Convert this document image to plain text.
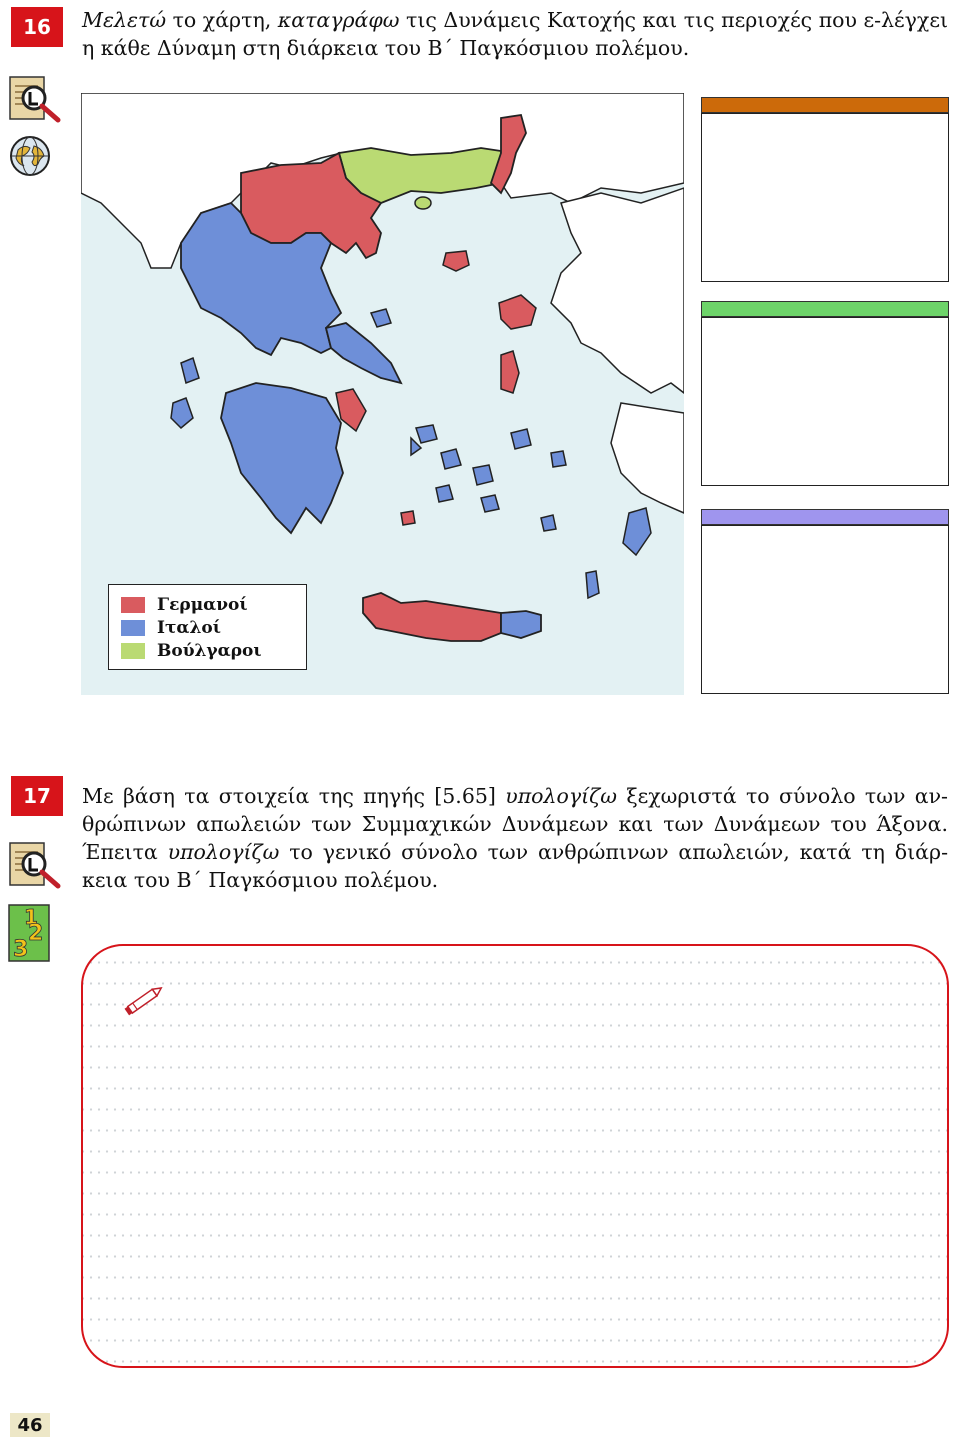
16	Μελετώ το χάρτη, καταγράφω τις Δυνάμεις Κατοχής και τις περιοχές που ε-λέγχει η κάθε Δύναμη στη διάρκεια του Β΄ Παγκόσμιου πολέμου.
Γερμανοί
Ιταλοί
Βούλγαροι
17
1
2
3
Με βάση τα στοιχεία της πηγής [5.65] υπολογίζω ξεχωριστά το σύνολο των αν-θρώπινων απωλειών των Συμμαχικών Δυνάμεων και των Δυνάμεων του Άξονα. Έπειτα υπολογίζω το γενικό σύνολο των ανθρώπινων απωλειών, κατά τη διάρ-κεια του Β΄ Παγκόσμιου πολέμου.
46
